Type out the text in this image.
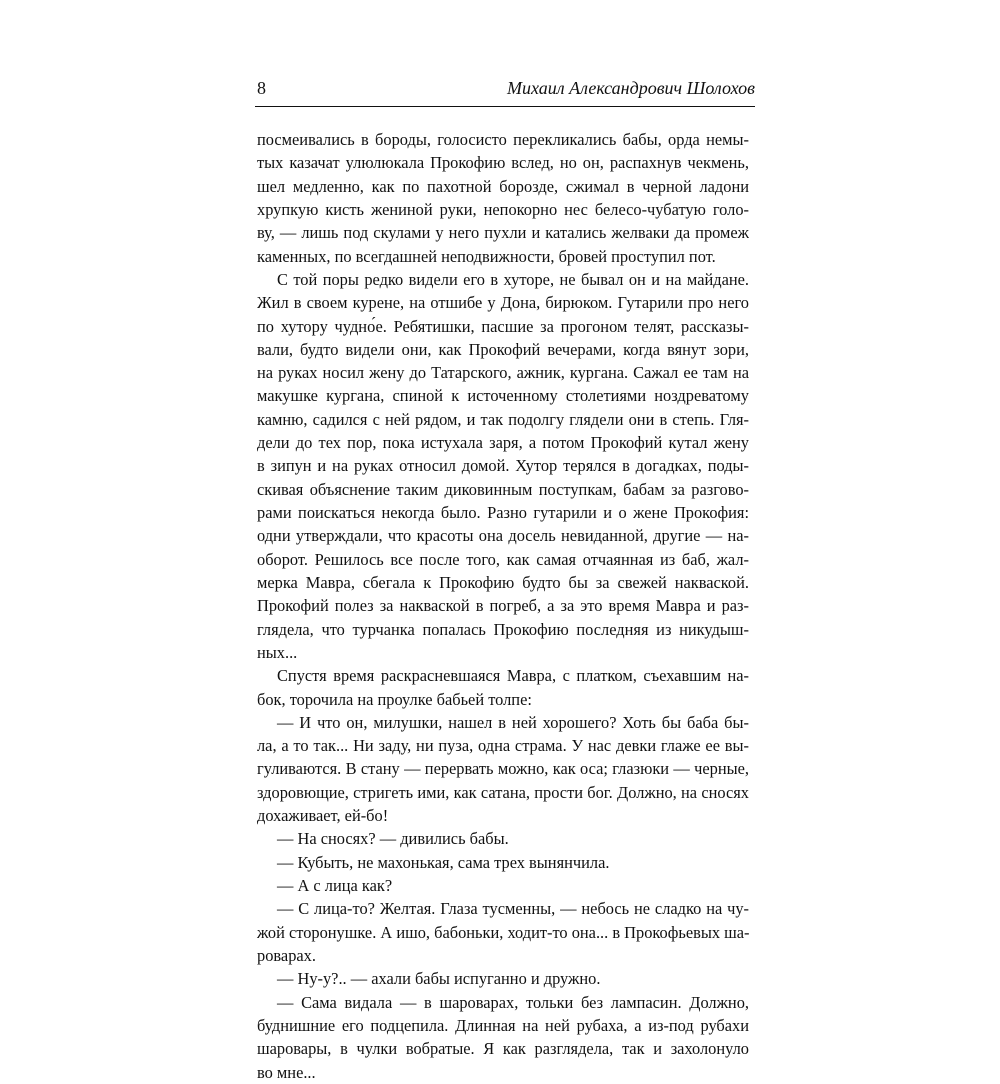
8	Михаил Александрович Шолохов
посмеивались в бороды, голосисто перекликались бабы, орда немы-
тых казачат улюлюкала Прокофию вслед, но он, распахнув чекмень,
шел медленно, как по пахотной борозде, сжимал в черной ладони
хрупкую кисть жениной руки, непокорно нес белесо-чубатую голо-
ву, — лишь под скулами у него пухли и катались желваки да промеж
каменных, по всегдашней неподвижности, бровей проступил пот.
С той поры редко видели его в хуторе, не бывал он и на майдане.
Жил в своем курене, на отшибе у Дона, бирюком. Гутарили про него
по хутору чудно́е. Ребятишки, пасшие за прогоном телят, рассказы-
вали, будто видели они, как Прокофий вечерами, когда вянут зори,
на руках носил жену до Татарского, ажник, кургана. Сажал ее там на
макушке кургана, спиной к источенному столетиями ноздреватому
камню, садился с ней рядом, и так подолгу глядели они в степь. Гля-
дели до тех пор, пока истухала заря, а потом Прокофий кутал жену
в зипун и на руках относил домой. Хутор терялся в догадках, поды-
скивая объяснение таким диковинным поступкам, бабам за разгово-
рами поискаться некогда было. Разно гутарили и о жене Прокофия:
одни утверждали, что красоты она досель невиданной, другие — на-
оборот. Решилось все после того, как самая отчаянная из баб, жал-
мерка Мавра, сбегала к Прокофию будто бы за свежей накваской.
Прокофий полез за накваской в погреб, а за это время Мавра и раз-
глядела, что турчанка попалась Прокофию последняя из никудыш-
ных...
Спустя время раскрасневшаяся Мавра, с платком, съехавшим на-
бок, торочила на проулке бабьей толпе:
— И что он, милушки, нашел в ней хорошего? Хоть бы баба бы-
ла, а то так... Ни заду, ни пуза, одна страма. У нас девки глаже ее вы-
гуливаются. В стану — перервать можно, как оса; глазюки — черные,
здоровющие, стригеть ими, как сатана, прости бог. Должно, на сносях
дохаживает, ей-бо!
— На сносях? — дивились бабы.
— Кубыть, не махонькая, сама трех вынянчила.
— А с лица как?
— С лица-то? Желтая. Глаза тусменны, — небось не сладко на чу-
жой сторонушке. А ишо, бабоньки, ходит-то она... в Прокофьевых ша-
роварах.
— Ну-у?.. — ахали бабы испуганно и дружно.
— Сама видала — в шароварах, тольки без лампасин. Должно,
буднишние его подцепила. Длинная на ней рубаха, а из-под рубахи
шаровары, в чулки вобратые. Я как разглядела, так и захолонуло
во мне...
